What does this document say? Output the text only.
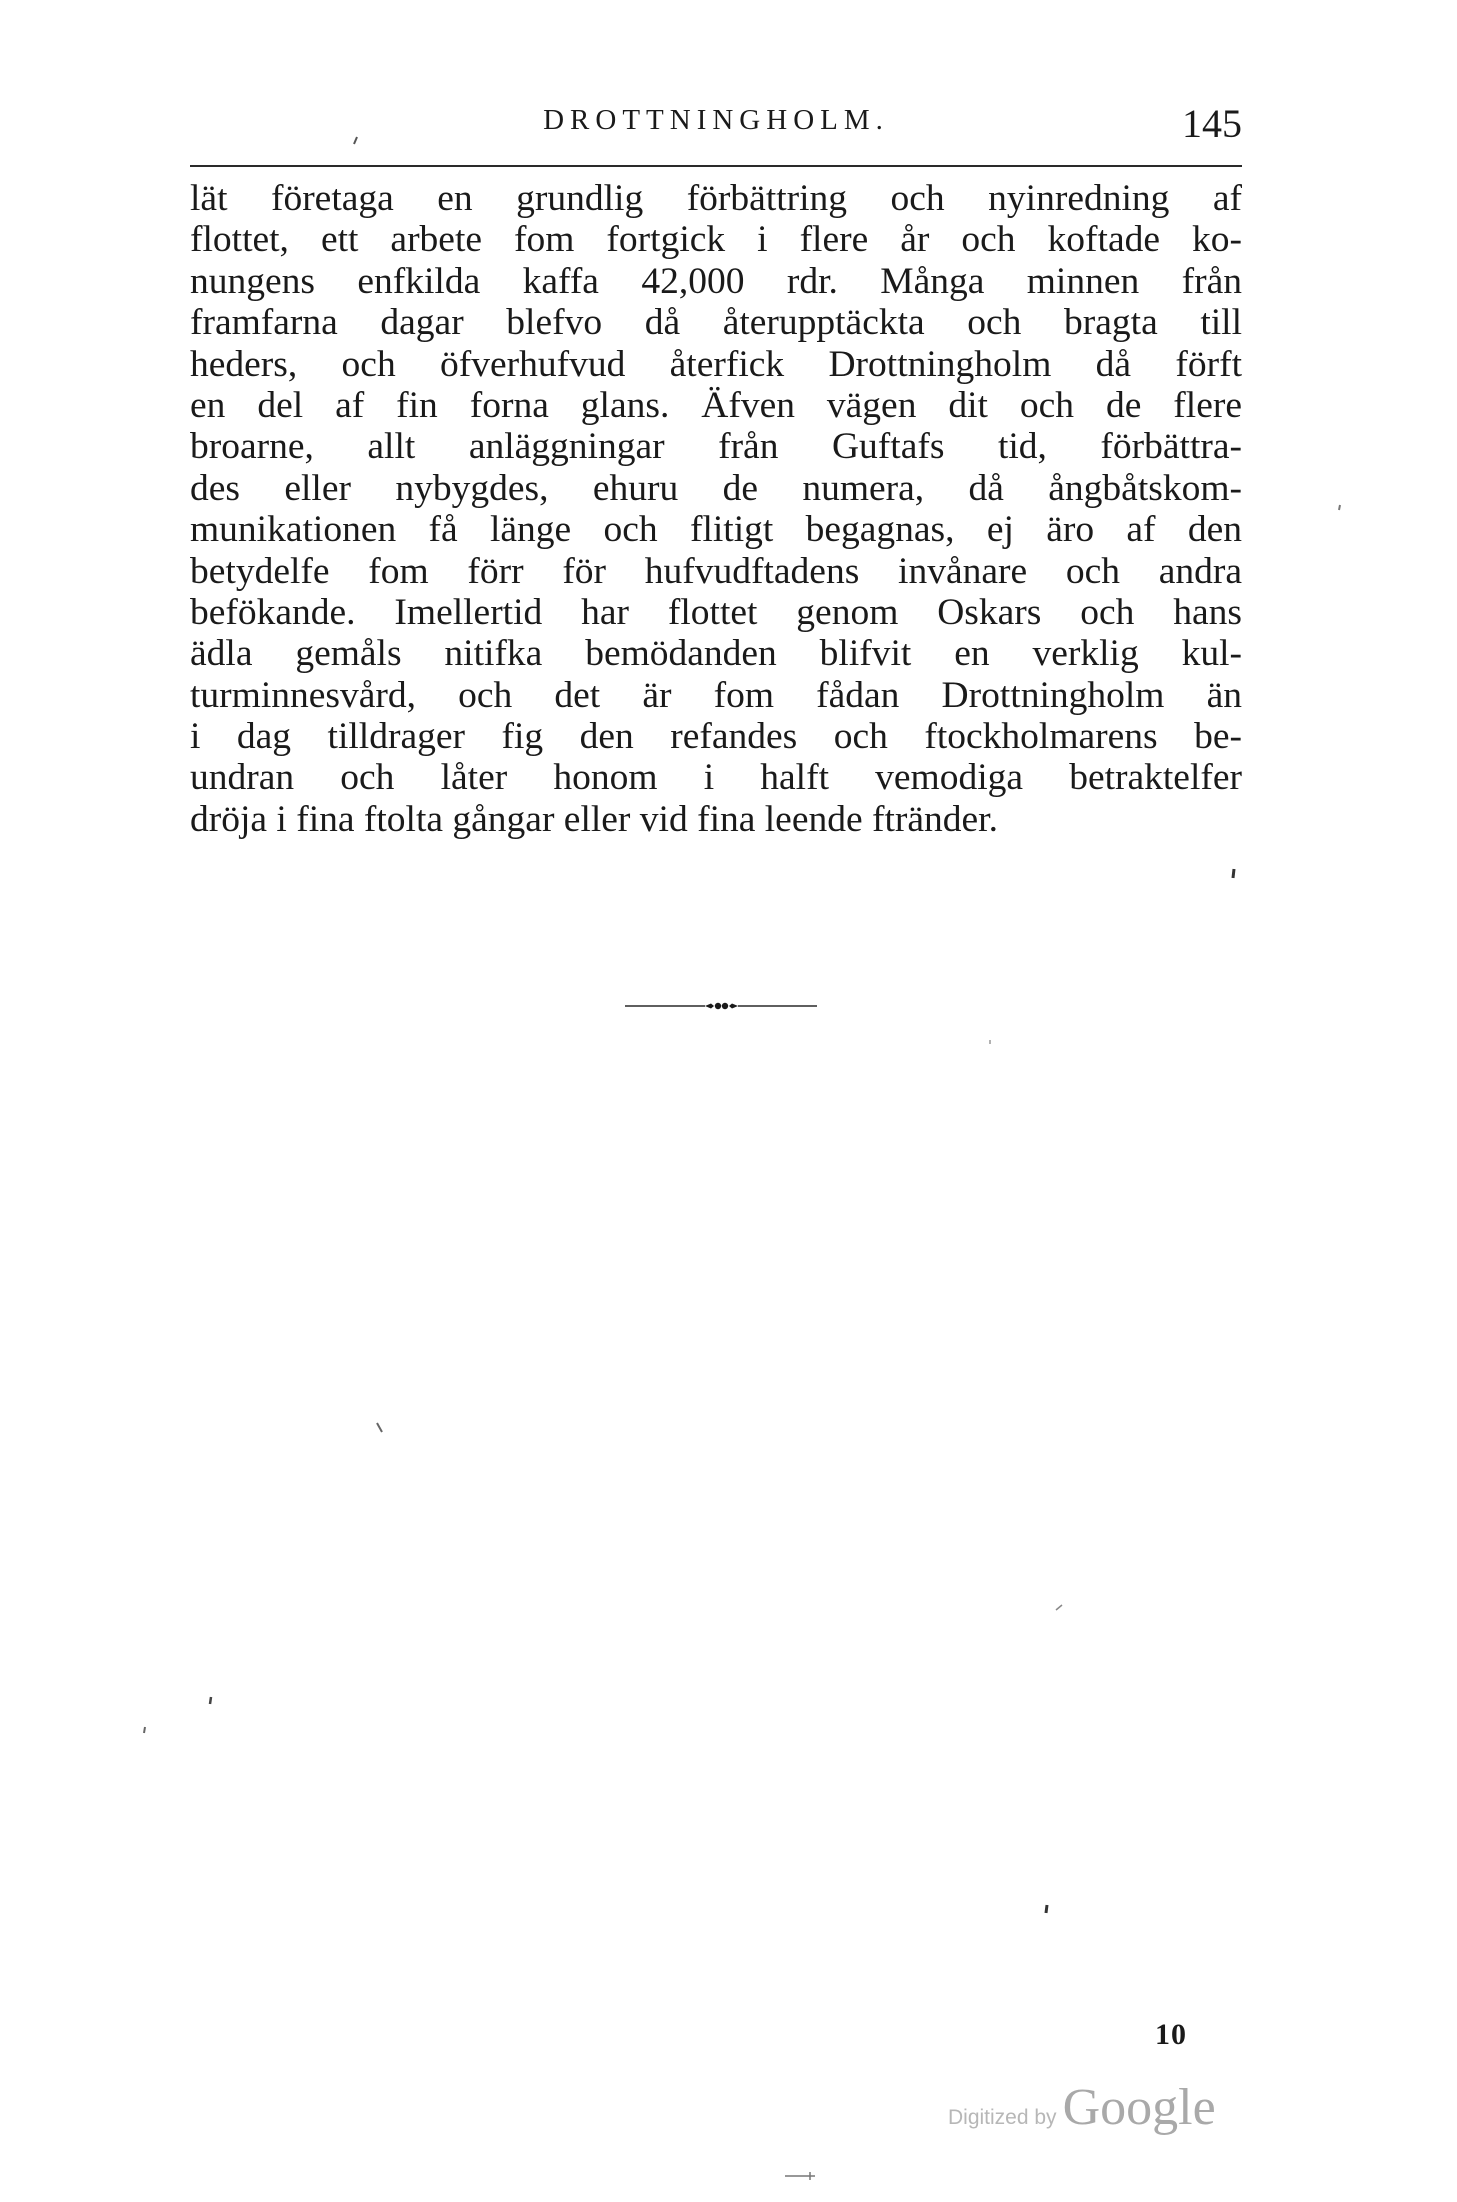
DROTTNINGHOLM.	145
lät företaga en grundlig förbättring och nyinredning af
flottet, ett arbete fom fortgick i flere år och koftade ko-
nungens enfkilda kaffa 42,000 rdr. Många minnen från
framfarna dagar blefvo då återupptäckta och bragta till
heders, och öfverhufvud återfick Drottningholm då förft
en del af fin forna glans. Äfven vägen dit och de flere
broarne, allt anläggningar från Guftafs tid, förbättra-
des eller nybygdes, ehuru de numera, då ångbåtskom-
munikationen få länge och flitigt begagnas, ej äro af den
betydelfe fom förr för hufvudftadens invånare och andra
befökande. Imellertid har flottet genom Oskars och hans
ädla gemåls nitifka bemödanden blifvit en verklig kul-
turminnesvård, och det är fom fådan Drottningholm än
i dag tilldrager fig den refandes och ftockholmarens be-
undran och låter honom i halft vemodiga betraktelfer
dröja i fina ftolta gångar eller vid fina leende ftränder.
10
Digitized by Google
